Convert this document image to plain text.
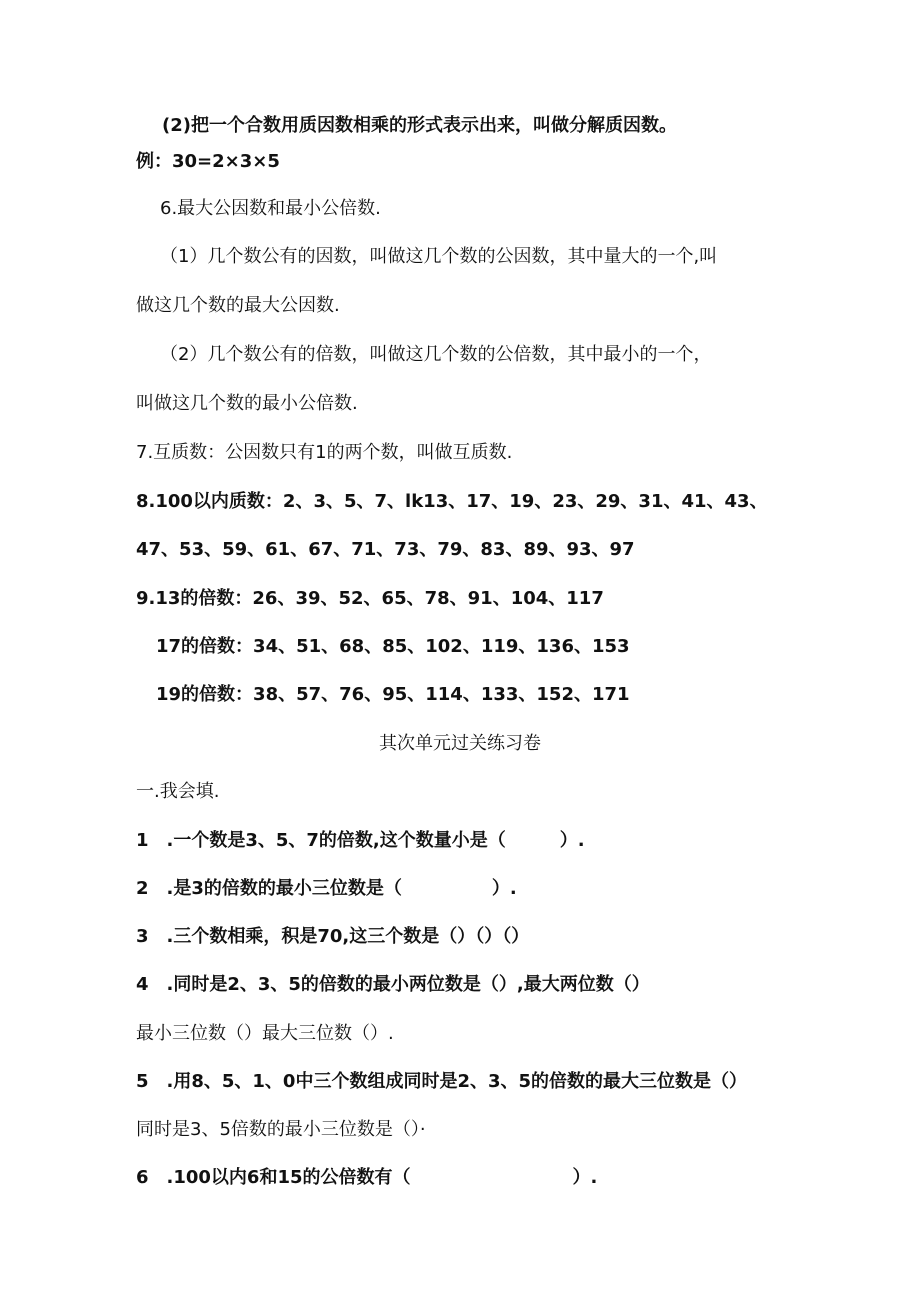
(2)把一个合数用质因数相乘的形式表示出来，叫做分解质因数。
例：30=2×3×5
6.最大公因数和最小公倍数.
（1）几个数公有的因数，叫做这几个数的公因数，其中量大的一个,叫
做这几个数的最大公因数.
（2）几个数公有的倍数，叫做这几个数的公倍数，其中最小的一个，
叫做这几个数的最小公倍数.
7.互质数：公因数只有1的两个数，叫做互质数.
8.100以内质数：2、3、5、7、lk13、17、19、23、29、31、41、43、
47、53、59、61、67、71、73、79、83、89、93、97
9.13的倍数：26、39、52、65、78、91、104、117
17的倍数：34、51、68、85、102、119、136、153
19的倍数：38、57、76、95、114、133、152、171
其次单元过关练习卷
一.我会填.
1　.一个数是3、5、7的倍数,这个数量小是（　　　）.
2　.是3的倍数的最小三位数是（　　　　　）.
3　.三个数相乘，积是70,这三个数是（）（）（）
4　.同时是2、3、5的倍数的最小两位数是（）,最大两位数（）
最小三位数（）最大三位数（）.
5　.用8、5、1、0中三个数组成同时是2、3、5的倍数的最大三位数是（）
同时是3、5倍数的最小三位数是（）·
6　.100以内6和15的公倍数有（　　　　　　　　　）.
